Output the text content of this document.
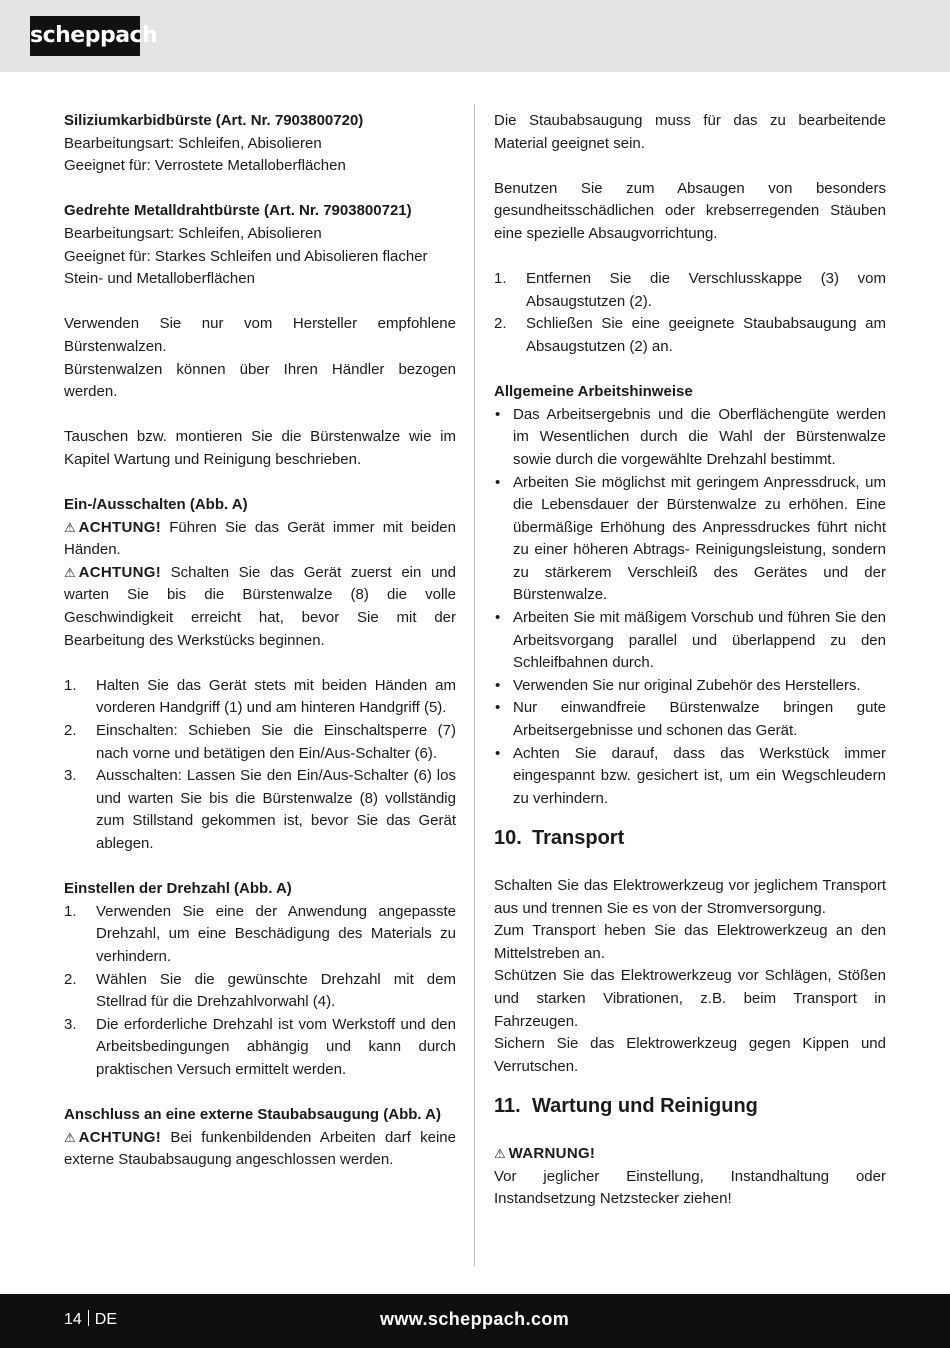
scheppach
Siliziumkarbidbürste (Art. Nr. 7903800720)
Bearbeitungsart: Schleifen, Abisolieren
Geeignet für: Verrostete Metalloberflächen
Gedrehte Metalldrahtbürste (Art. Nr. 7903800721)
Bearbeitungsart: Schleifen, Abisolieren
Geeignet für: Starkes Schleifen und Abisolieren flacher Stein- und Metalloberflächen
Verwenden Sie nur vom Hersteller empfohlene Bürstenwalzen.
Bürstenwalzen können über Ihren Händler bezogen werden.
Tauschen bzw. montieren Sie die Bürstenwalze wie im Kapitel Wartung und Reinigung beschrieben.
Ein-/Ausschalten (Abb. A)
⚠ ACHTUNG! Führen Sie das Gerät immer mit beiden Händen.
⚠ ACHTUNG! Schalten Sie das Gerät zuerst ein und warten Sie bis die Bürstenwalze (8) die volle Geschwindigkeit erreicht hat, bevor Sie mit der Bearbeitung des Werkstücks beginnen.
1.	Halten Sie das Gerät stets mit beiden Händen am vorderen Handgriff (1) und am hinteren Handgriff (5).
2.	Einschalten: Schieben Sie die Einschaltsperre (7) nach vorne und betätigen den Ein/Aus-Schalter (6).
3.	Ausschalten: Lassen Sie den Ein/Aus-Schalter (6) los und warten Sie bis die Bürstenwalze (8) vollständig zum Stillstand gekommen ist, bevor Sie das Gerät ablegen.
Einstellen der Drehzahl (Abb. A)
1.	Verwenden Sie eine der Anwendung angepasste Drehzahl, um eine Beschädigung des Materials zu verhindern.
2.	Wählen Sie die gewünschte Drehzahl mit dem Stellrad für die Drehzahlvorwahl (4).
3.	Die erforderliche Drehzahl ist vom Werkstoff und den Arbeitsbedingungen abhängig und kann durch praktischen Versuch ermittelt werden.
Anschluss an eine externe Staubabsaugung (Abb. A)
⚠ ACHTUNG! Bei funkenbildenden Arbeiten darf keine externe Staubabsaugung angeschlossen werden.
Die Staubabsaugung muss für das zu bearbeitende Material geeignet sein.
Benutzen Sie zum Absaugen von besonders gesundheitsschädlichen oder krebserregenden Stäuben eine spezielle Absaugvorrichtung.
1.	Entfernen Sie die Verschlusskappe (3) vom Absaugstutzen (2).
2.	Schließen Sie eine geeignete Staubabsaugung am Absaugstutzen (2) an.
Allgemeine Arbeitshinweise
• Das Arbeitsergebnis und die Oberflächengüte werden im Wesentlichen durch die Wahl der Bürstenwalze sowie durch die vorgewählte Drehzahl bestimmt.
• Arbeiten Sie möglichst mit geringem Anpressdruck, um die Lebensdauer der Bürstenwalze zu erhöhen. Eine übermäßige Erhöhung des Anpressdruckes führt nicht zu einer höheren Abtrags- Reinigungsleistung, sondern zu stärkerem Verschleiß des Gerätes und der Bürstenwalze.
• Arbeiten Sie mit mäßigem Vorschub und führen Sie den Arbeitsvorgang parallel und überlappend zu den Schleifbahnen durch.
• Verwenden Sie nur original Zubehör des Herstellers.
• Nur einwandfreie Bürstenwalze bringen gute Arbeitsergebnisse und schonen das Gerät.
• Achten Sie darauf, dass das Werkstück immer eingespannt bzw. gesichert ist, um ein Wegschleudern zu verhindern.
10. Transport
Schalten Sie das Elektrowerkzeug vor jeglichem Transport aus und trennen Sie es von der Stromversorgung.
Zum Transport heben Sie das Elektrowerkzeug an den Mittelstreben an.
Schützen Sie das Elektrowerkzeug vor Schlägen, Stößen und starken Vibrationen, z.B. beim Transport in Fahrzeugen.
Sichern Sie das Elektrowerkzeug gegen Kippen und Verrutschen.
11. Wartung und Reinigung
⚠ WARNUNG!
Vor jeglicher Einstellung, Instandhaltung oder Instandsetzung Netzstecker ziehen!
14 DE	www.scheppach.com
